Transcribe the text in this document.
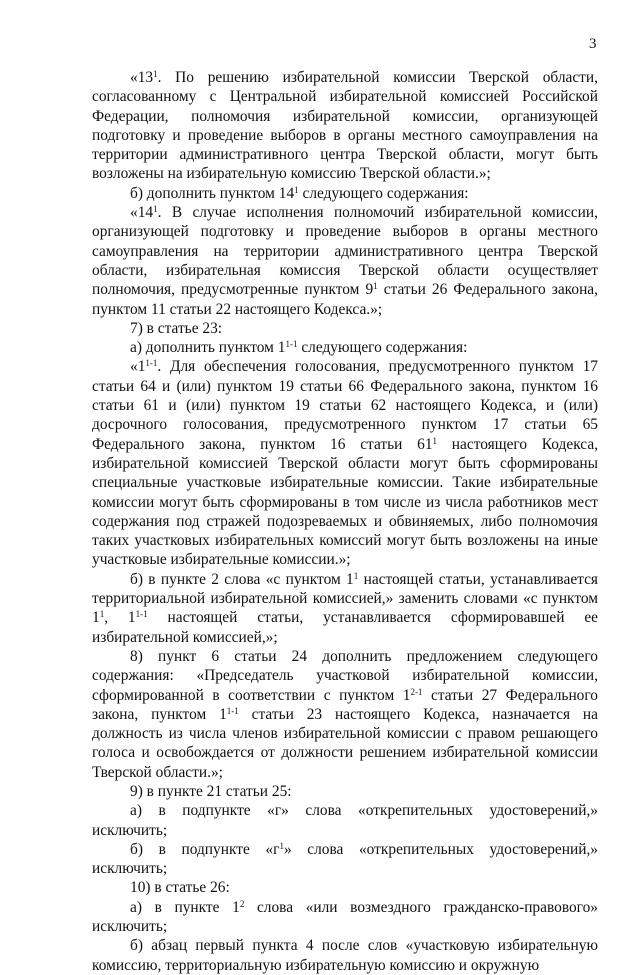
3

«$13^1$. По решению избирательной комиссии Тверской области, согласованному с Центральной избирательной комиссией Российской Федерации, полномочия избирательной комиссии, организующей подготовку и проведение выборов в органы местного самоуправления на территории административного центра Тверской области, могут быть возложены на избирательную комиссию Тверской области.»;

б) дополнить пунктом $14^1$ следующего содержания:

«$14^1$. В случае исполнения полномочий избирательной комиссии, организующей подготовку и проведение выборов в органы местного самоуправления на территории административного центра Тверской области, избирательная комиссия Тверской области осуществляет полномочия, предусмотренные пунктом $9^1$ статьи 26 Федерального закона, пунктом 11 статьи 22 настоящего Кодекса.»;

7) в статье 23:

а) дополнить пунктом 1$^{1-1}$ следующего содержания:

«1$^{1-1}$. Для обеспечения голосования, предусмотренного пунктом 17 статьи 64 и (или) пунктом 19 статьи 66 Федерального закона, пунктом 16 статьи 61 и (или) пунктом 19 статьи 62 настоящего Кодекса, и (или) досрочного голосования, предусмотренного пунктом 17 статьи 65 Федерального закона, пунктом 16 статьи $61^1$ настоящего Кодекса, избирательной комиссией Тверской области могут быть сформированы специальные участковые избирательные комиссии. Такие избирательные комиссии могут быть сформированы в том числе из числа работников мест содержания под стражей подозреваемых и обвиняемых, либо полномочия таких участковых избирательных комиссий могут быть возложены на иные участковые избирательные комиссии.»;

б) в пункте 2 слова «с пунктом $1^1$ настоящей статьи, устанавливается территориальной избирательной комиссией,» заменить словами «с пунктом $1^1$, 1$^{1-1}$ настоящей статьи, устанавливается сформировавшей ее избирательной комиссией,»;

8) пункт 6 статьи 24 дополнить предложением следующего содержания: «Председатель участковой избирательной комиссии, сформированной в соответствии с пунктом 1$^{2-1}$ статьи 27 Федерального закона, пунктом 1$^{1-1}$ статьи 23 настоящего Кодекса, назначается на должность из числа членов избирательной комиссии с правом решающего голоса и освобождается от должности решением избирательной комиссии Тверской области.»;

9) в пункте 21 статьи 25:

а) в подпункте «г» слова «открепительных удостоверений,» исключить;

б) в подпункте «$г^1$» слова «открепительных удостоверений,» исключить;

10) в статье 26:

а) в пункте $1^2$ слова «или возмездного гражданско-правового» исключить;

б) абзац первый пункта 4 после слов «участковую избирательную комиссию, территориальную избирательную комиссию и окружную
